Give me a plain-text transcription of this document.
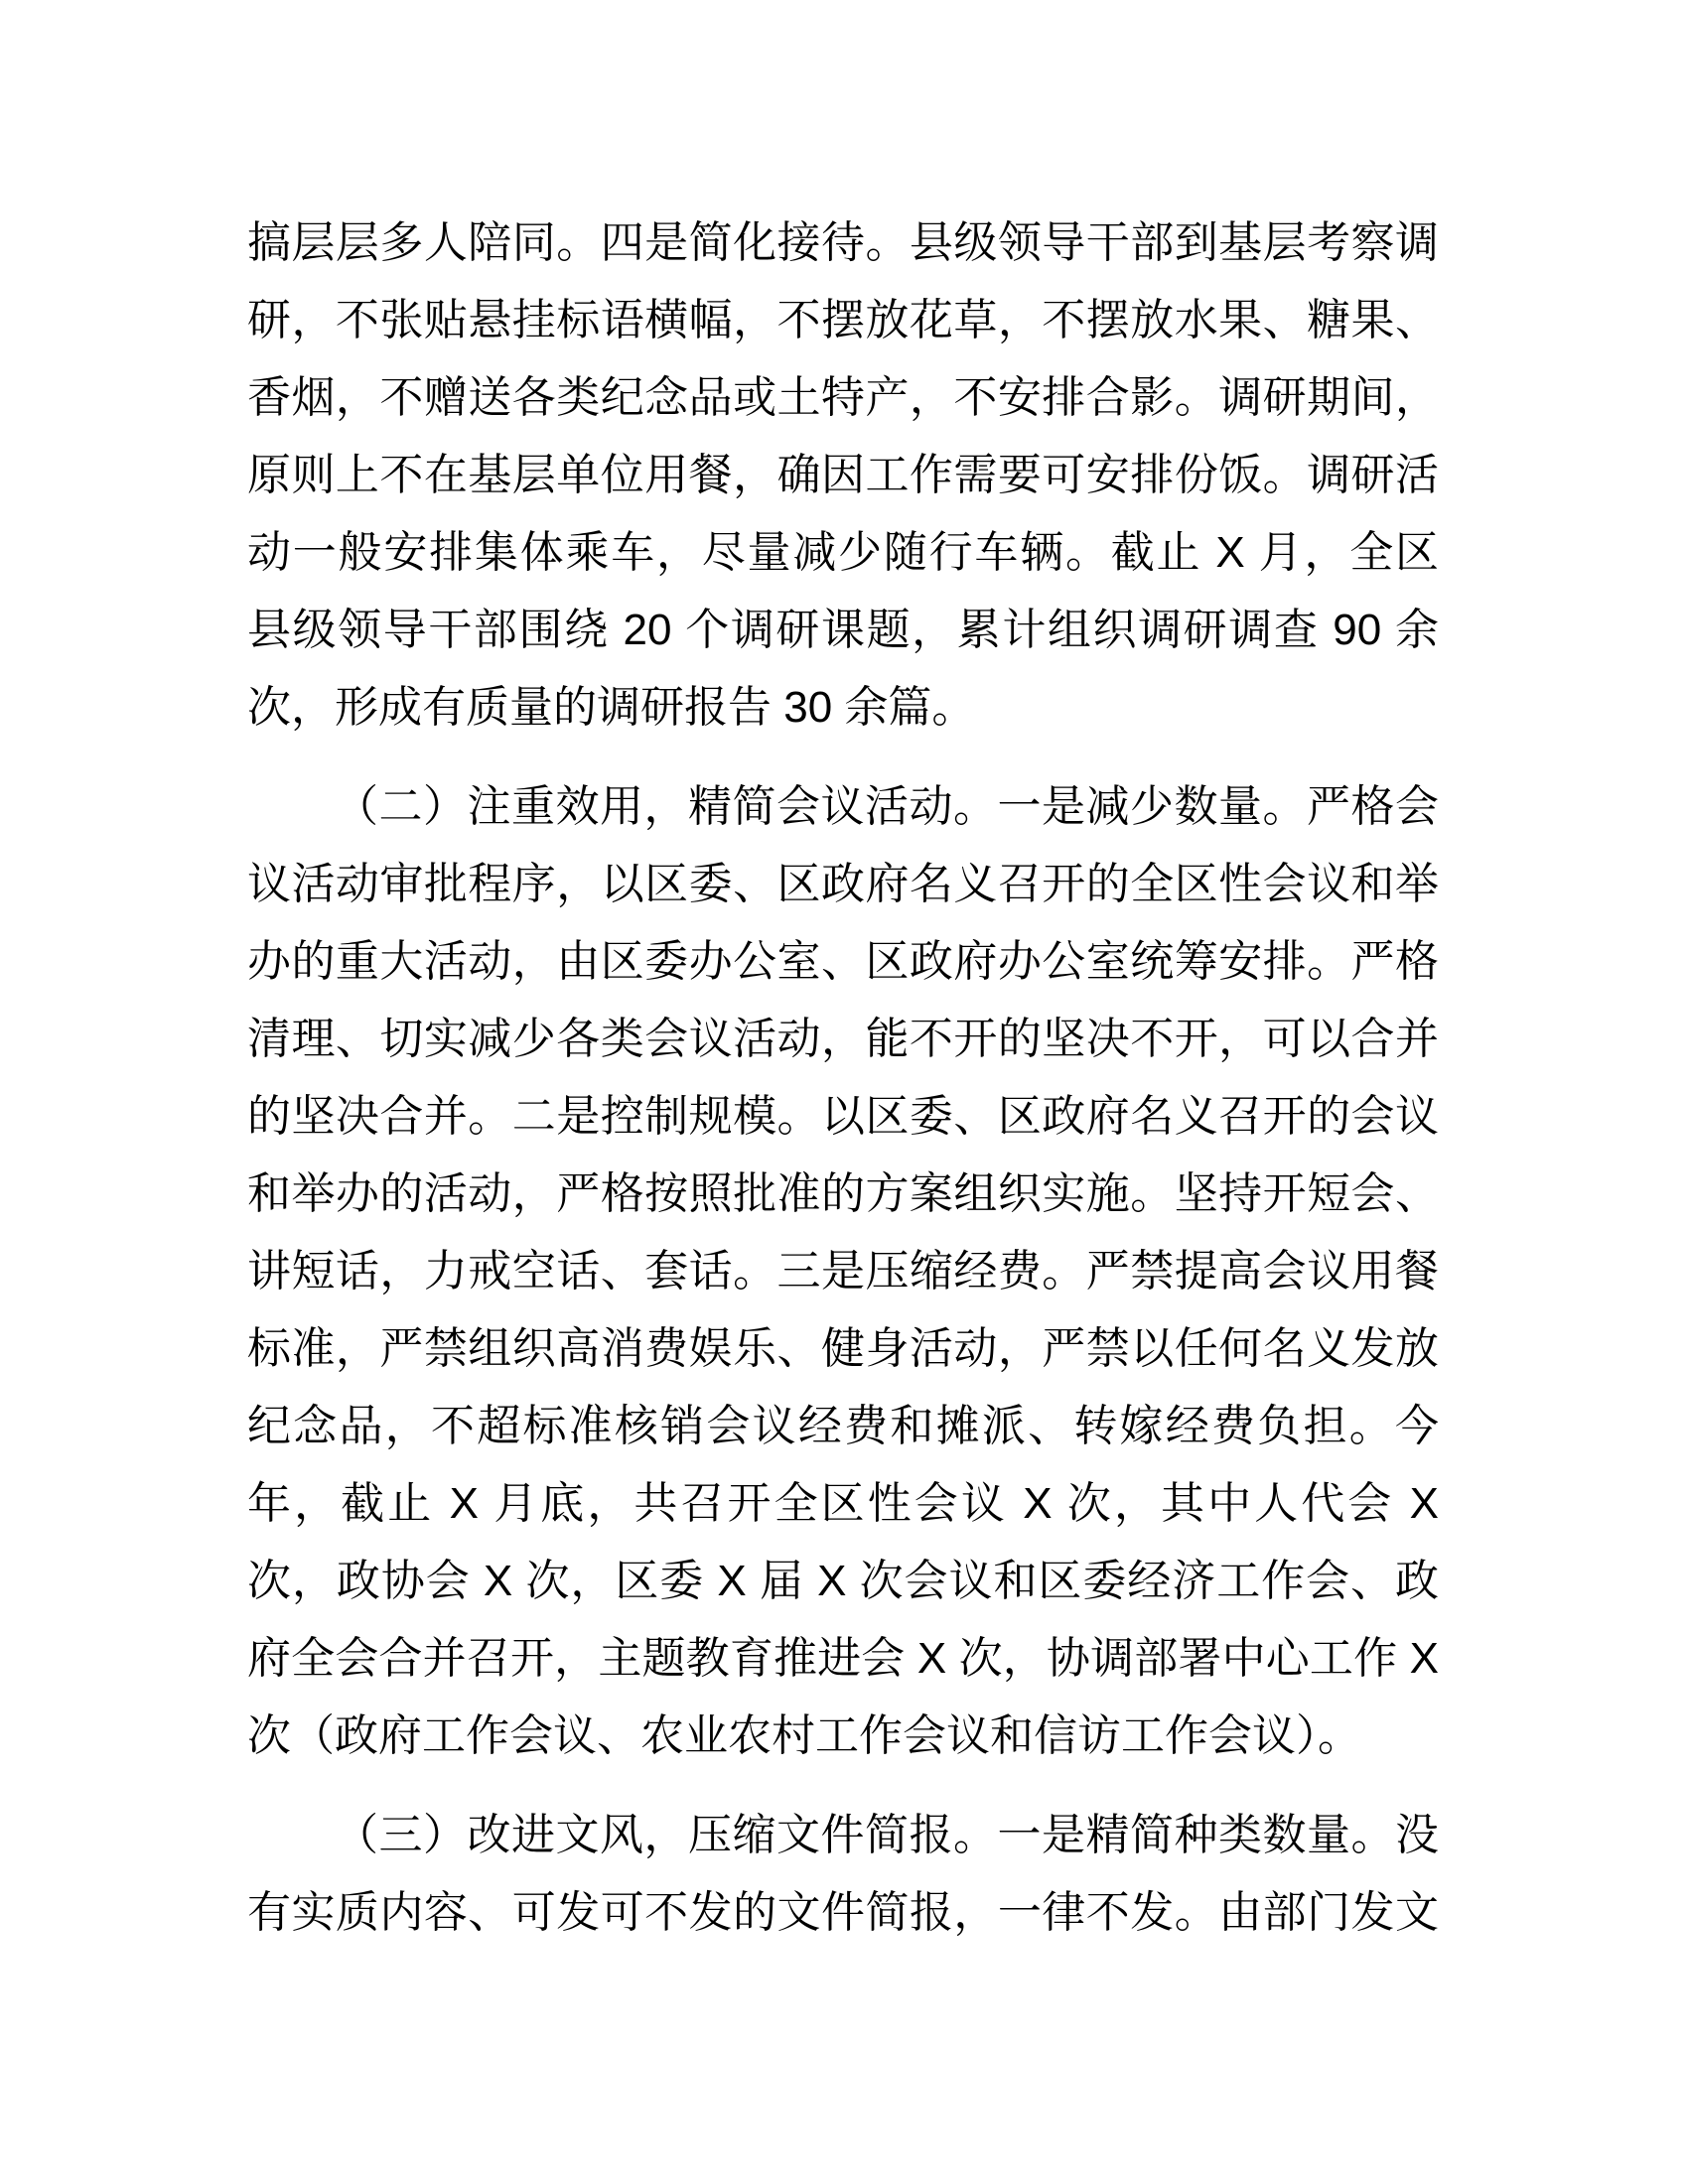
搞层层多人陪同。四是简化接待。县级领导干部到基层考察调
研，不张贴悬挂标语横幅，不摆放花草，不摆放水果、糖果、
香烟，不赠送各类纪念品或土特产，不安排合影。调研期间，
原则上不在基层单位用餐，确因工作需要可安排份饭。调研活
动一般安排集体乘车，尽量减少随行车辆。截止 X 月，全区
县级领导干部围绕 20 个调研课题，累计组织调研调查 90 余
次，形成有质量的调研报告 30 余篇。
（二）注重效用，精简会议活动。一是减少数量。严格会
议活动审批程序，以区委、区政府名义召开的全区性会议和举
办的重大活动，由区委办公室、区政府办公室统筹安排。严格
清理、切实减少各类会议活动，能不开的坚决不开，可以合并
的坚决合并。二是控制规模。以区委、区政府名义召开的会议
和举办的活动，严格按照批准的方案组织实施。坚持开短会、
讲短话，力戒空话、套话。三是压缩经费。严禁提高会议用餐
标准，严禁组织高消费娱乐、健身活动，严禁以任何名义发放
纪念品，不超标准核销会议经费和摊派、转嫁经费负担。今
年，截止 X 月底，共召开全区性会议 X 次，其中人代会 X
次，政协会 X 次，区委 X 届 X 次会议和区委经济工作会、政
府全会合并召开，主题教育推进会 X 次，协调部署中心工作 X
次（政府工作会议、农业农村工作会议和信访工作会议）。
（三）改进文风，压缩文件简报。一是精简种类数量。没
有实质内容、可发可不发的文件简报，一律不发。由部门发文
